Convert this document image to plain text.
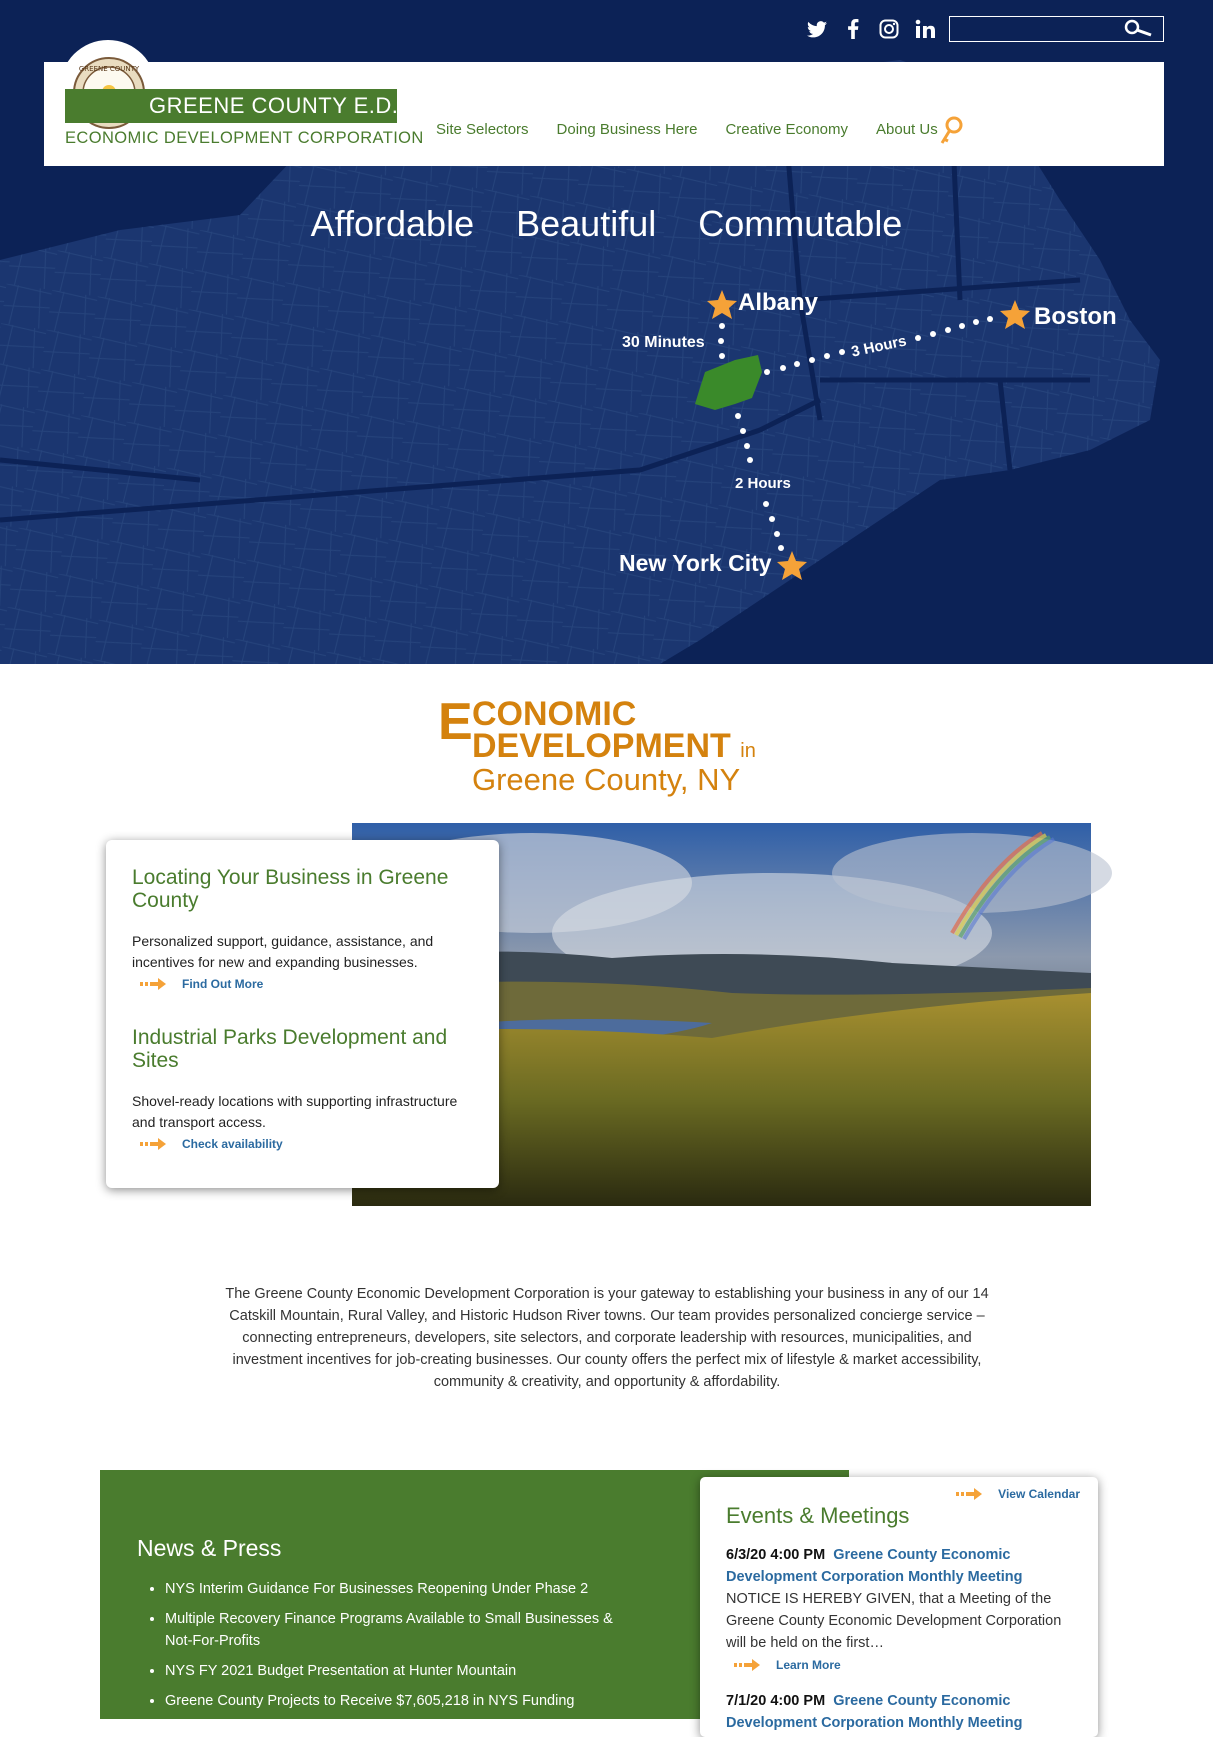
Affordable Beautiful Commutable
Albany
Boston
New York City
30 Minutes	3 Hours
2 Hours
GREENE COUNTY
GREENE COUNTY E.D.C.
ECONOMIC DEVELOPMENT CORPORATION Site Selectors Doing Business Here Creative Economy About Us
E CONOMIC
DEVELOPMENT in
Greene County, NY
Locating Your Business in Greene County

Personalized support, guidance, assistance, and incentives for new and expanding businesses.

Find Out More
Industrial Parks Development and Sites

Shovel-ready locations with supporting infrastructure and transport access.

Check availability

The Greene County Economic Development Corporation is your gateway to establishing your business in any of our 14 Catskill Mountain, Rural Valley, and Historic Hudson River towns. Our team provides personalized concierge service – connecting entrepreneurs, developers, site selectors, and corporate leadership with resources, municipalities, and investment incentives for job-creating businesses. Our county offers the perfect mix of lifestyle & market accessibility, community & creativity, and opportunity & affordability.

News & Press
• NYS Interim Guidance For Businesses Reopening Under Phase 2
• Multiple Recovery Finance Programs Available to Small Businesses & Not-For-Profits
• NYS FY 2021 Budget Presentation at Hunter Mountain
• Greene County Projects to Receive $7,605,218 in NYS Funding
View Calendar
Events & Meetings
6/3/20 4:00 PM Greene County Economic Development Corporation Monthly Meeting
NOTICE IS HEREBY GIVEN, that a Meeting of the Greene County Economic Development Corporation will be held on the first…
Learn More
7/1/20 4:00 PM Greene County Economic Development Corporation Monthly Meeting
